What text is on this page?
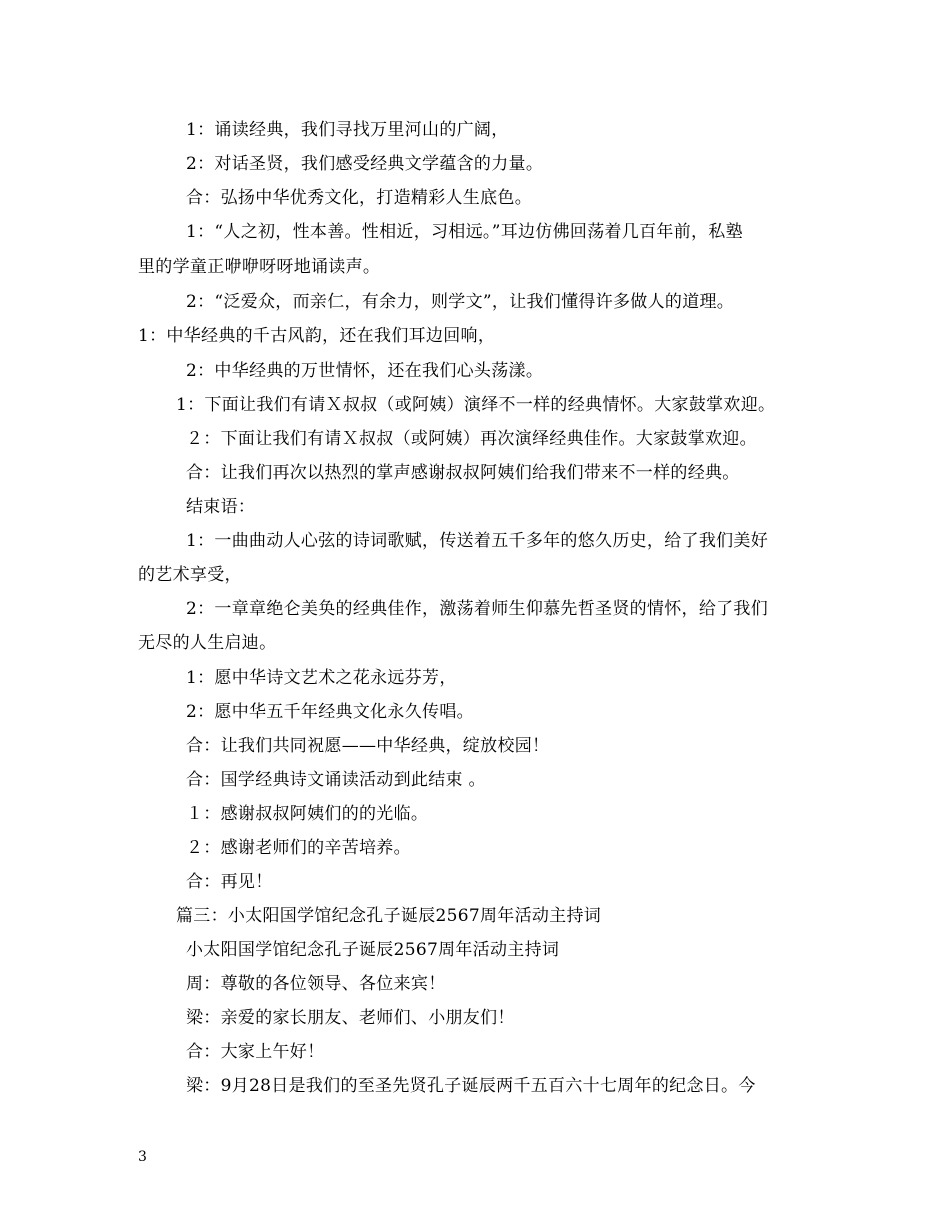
1：诵读经典，我们寻找万里河山的广阔，
2：对话圣贤，我们感受经典文学蕴含的力量。
合：弘扬中华优秀文化，打造精彩人生底色。
1：“人之初，性本善。性相近，习相远。”耳边仿佛回荡着几百年前，私塾
里的学童正咿咿呀呀地诵读声。
2：“泛爱众，而亲仁，有余力，则学文”，让我们懂得许多做人的道理。
1：中华经典的千古风韵，还在我们耳边回响，
2：中华经典的万世情怀，还在我们心头荡漾。
1：下面让我们有请Ｘ叔叔（或阿姨）演绎不一样的经典情怀。大家鼓掌欢迎。
２：下面让我们有请Ｘ叔叔（或阿姨）再次演绎经典佳作。大家鼓掌欢迎。
合：让我们再次以热烈的掌声感谢叔叔阿姨们给我们带来不一样的经典。
结束语：
1：一曲曲动人心弦的诗词歌赋，传送着五千多年的悠久历史，给了我们美好
的艺术享受，
2：一章章绝仑美奂的经典佳作，激荡着师生仰慕先哲圣贤的情怀，给了我们
无尽的人生启迪。
1：愿中华诗文艺术之花永远芬芳，
2：愿中华五千年经典文化永久传唱。
合：让我们共同祝愿——中华经典，绽放校园！
合：国学经典诗文诵读活动到此结束 。
１：感谢叔叔阿姨们的的光临。
２：感谢老师们的辛苦培养。
合：再见！
篇三：小太阳国学馆纪念孔子诞辰2567周年活动主持词
小太阳国学馆纪念孔子诞辰2567周年活动主持词
周：尊敬的各位领导、各位来宾！
梁：亲爱的家长朋友、老师们、小朋友们！
合：大家上午好！
梁：9月28日是我们的至圣先贤孔子诞辰两千五百六十七周年的纪念日。今
3
